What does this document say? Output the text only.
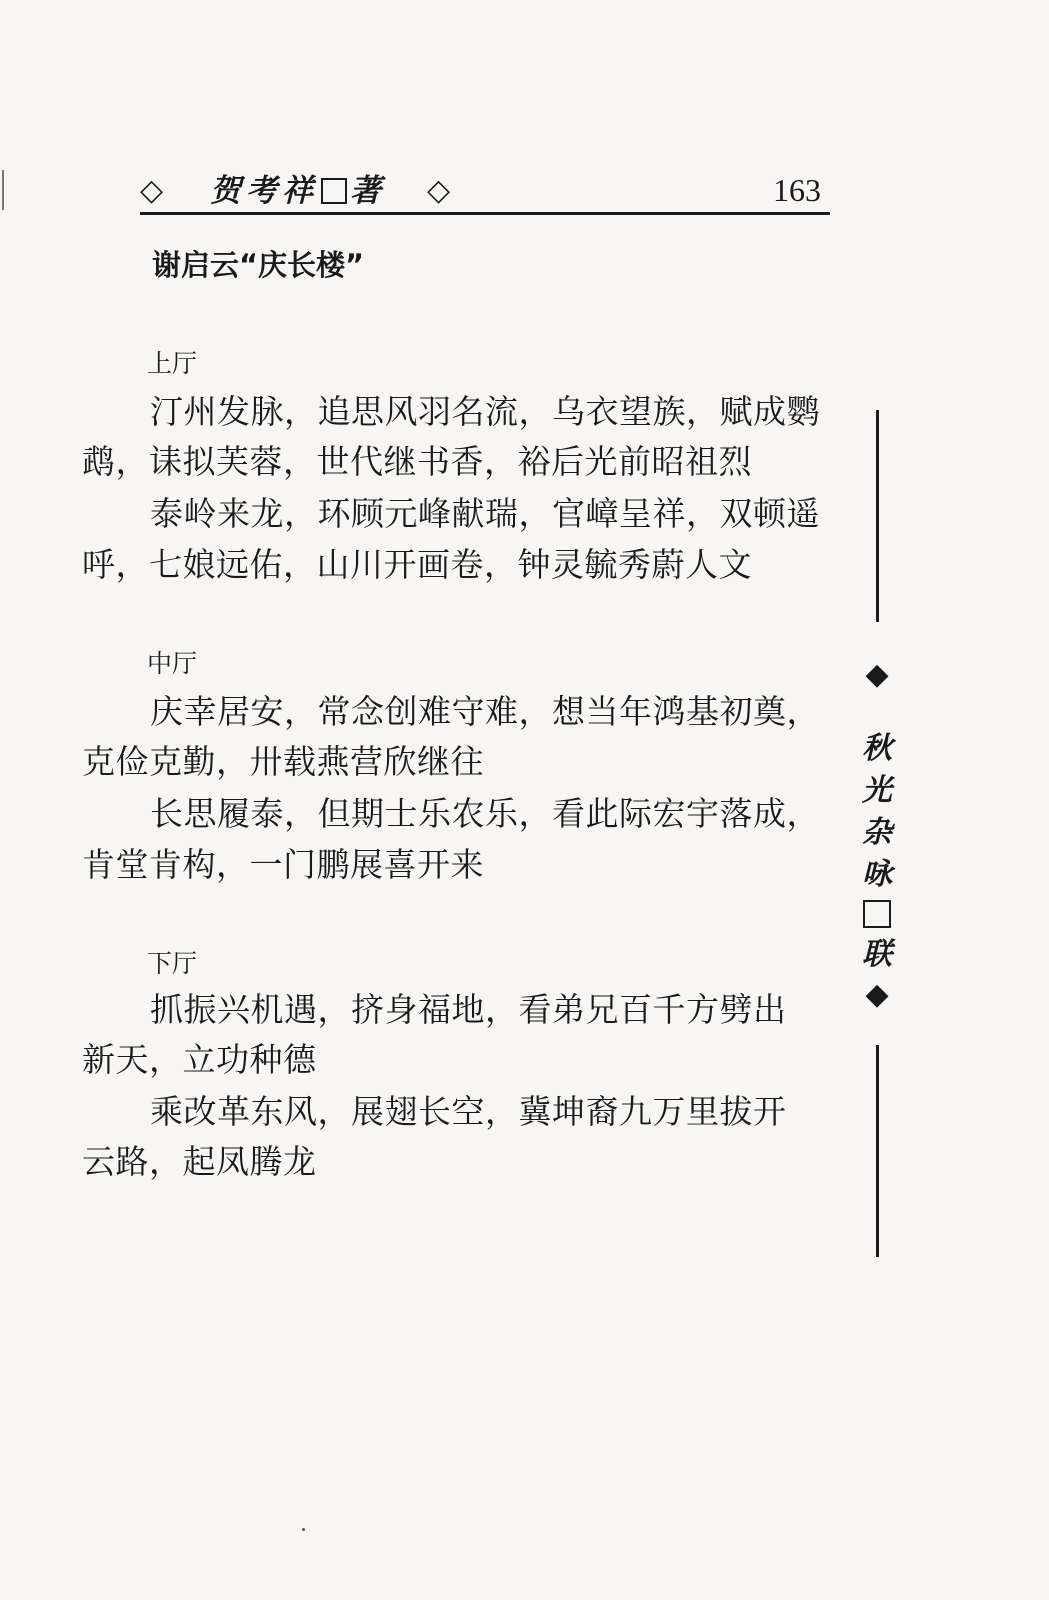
◇ 贺考祥 著 ◇	163
谢启云“庆长楼”
上厅
汀州发脉，追思风羽名流，乌衣望族，赋成鹦
鹉，诔拟芙蓉，世代继书香，裕后光前昭祖烈
泰岭来龙，环顾元峰献瑞，官嶂呈祥，双顿遥
呼，七娘远佑，山川开画卷，钟灵毓秀蔚人文
中厅
庆幸居安，常念创难守难，想当年鸿基初奠，
克俭克勤，卅载燕营欣继往
长思履泰，但期士乐农乐，看此际宏宇落成，
肯堂肯构，一门鹏展喜开来
下厅
抓振兴机遇，挤身福地，看弟兄百千方劈出
新天，立功种德
乘改革东风，展翅长空，冀坤裔九万里拔开
云路，起凤腾龙
◆
秋
光
杂
咏
联
◆
